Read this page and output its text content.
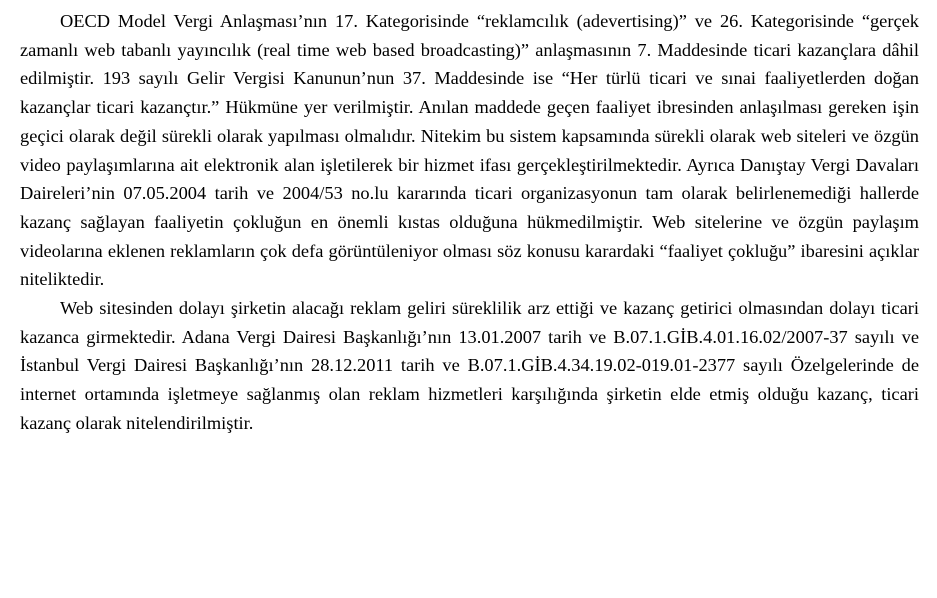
OECD Model Vergi Anlaşması’nın 17. Kategorisinde “reklamcılık (adevertising)” ve 26. Kategorisinde “gerçek zamanlı web tabanlı yayıncılık (real time web based broadcasting)” anlaşmasının 7. Maddesinde ticari kazançlara dâhil edilmiştir. 193 sayılı Gelir Vergisi Kanunun’nun 37. Maddesinde ise “Her türlü ticari ve sınai faaliyetlerden doğan kazançlar ticari kazançtır.” Hükmüne yer verilmiştir. Anılan maddede geçen faaliyet ibresinden anlaşılması gereken işin geçici olarak değil sürekli olarak yapılması olmalıdır. Nitekim bu sistem kapsamında sürekli olarak web siteleri ve özgün video paylaşımlarına ait elektronik alan işletilerek bir hizmet ifası gerçekleştirilmektedir. Ayrıca Danıştay Vergi Davaları Daireleri’nin 07.05.2004 tarih ve 2004/53 no.lu kararında ticari organizasyonun tam olarak belirlenemediği hallerde kazanç sağlayan faaliyetin çokluğun en önemli kıstas olduğuna hükmedilmiştir. Web sitelerine ve özgün paylaşım videolarına eklenen reklamların çok defa görüntüleniyor olması söz konusu karardaki “faaliyet çokluğu” ibaresini açıklar niteliktedir.

Web sitesinden dolayı şirketin alacağı reklam geliri süreklilik arz ettiği ve kazanç getirici olmasından dolayı ticari kazanca girmektedir. Adana Vergi Dairesi Başkanlığı’nın 13.01.2007 tarih ve B.07.1.GİB.4.01.16.02/2007-37 sayılı ve İstanbul Vergi Dairesi Başkanlığı’nın 28.12.2011 tarih ve B.07.1.GİB.4.34.19.02-019.01-2377 sayılı Özelgelerinde de internet ortamında işletmeye sağlanmış olan reklam hizmetleri karşılığında şirketin elde etmiş olduğu kazanç, ticari kazanç olarak nitelendirilmiştir.
